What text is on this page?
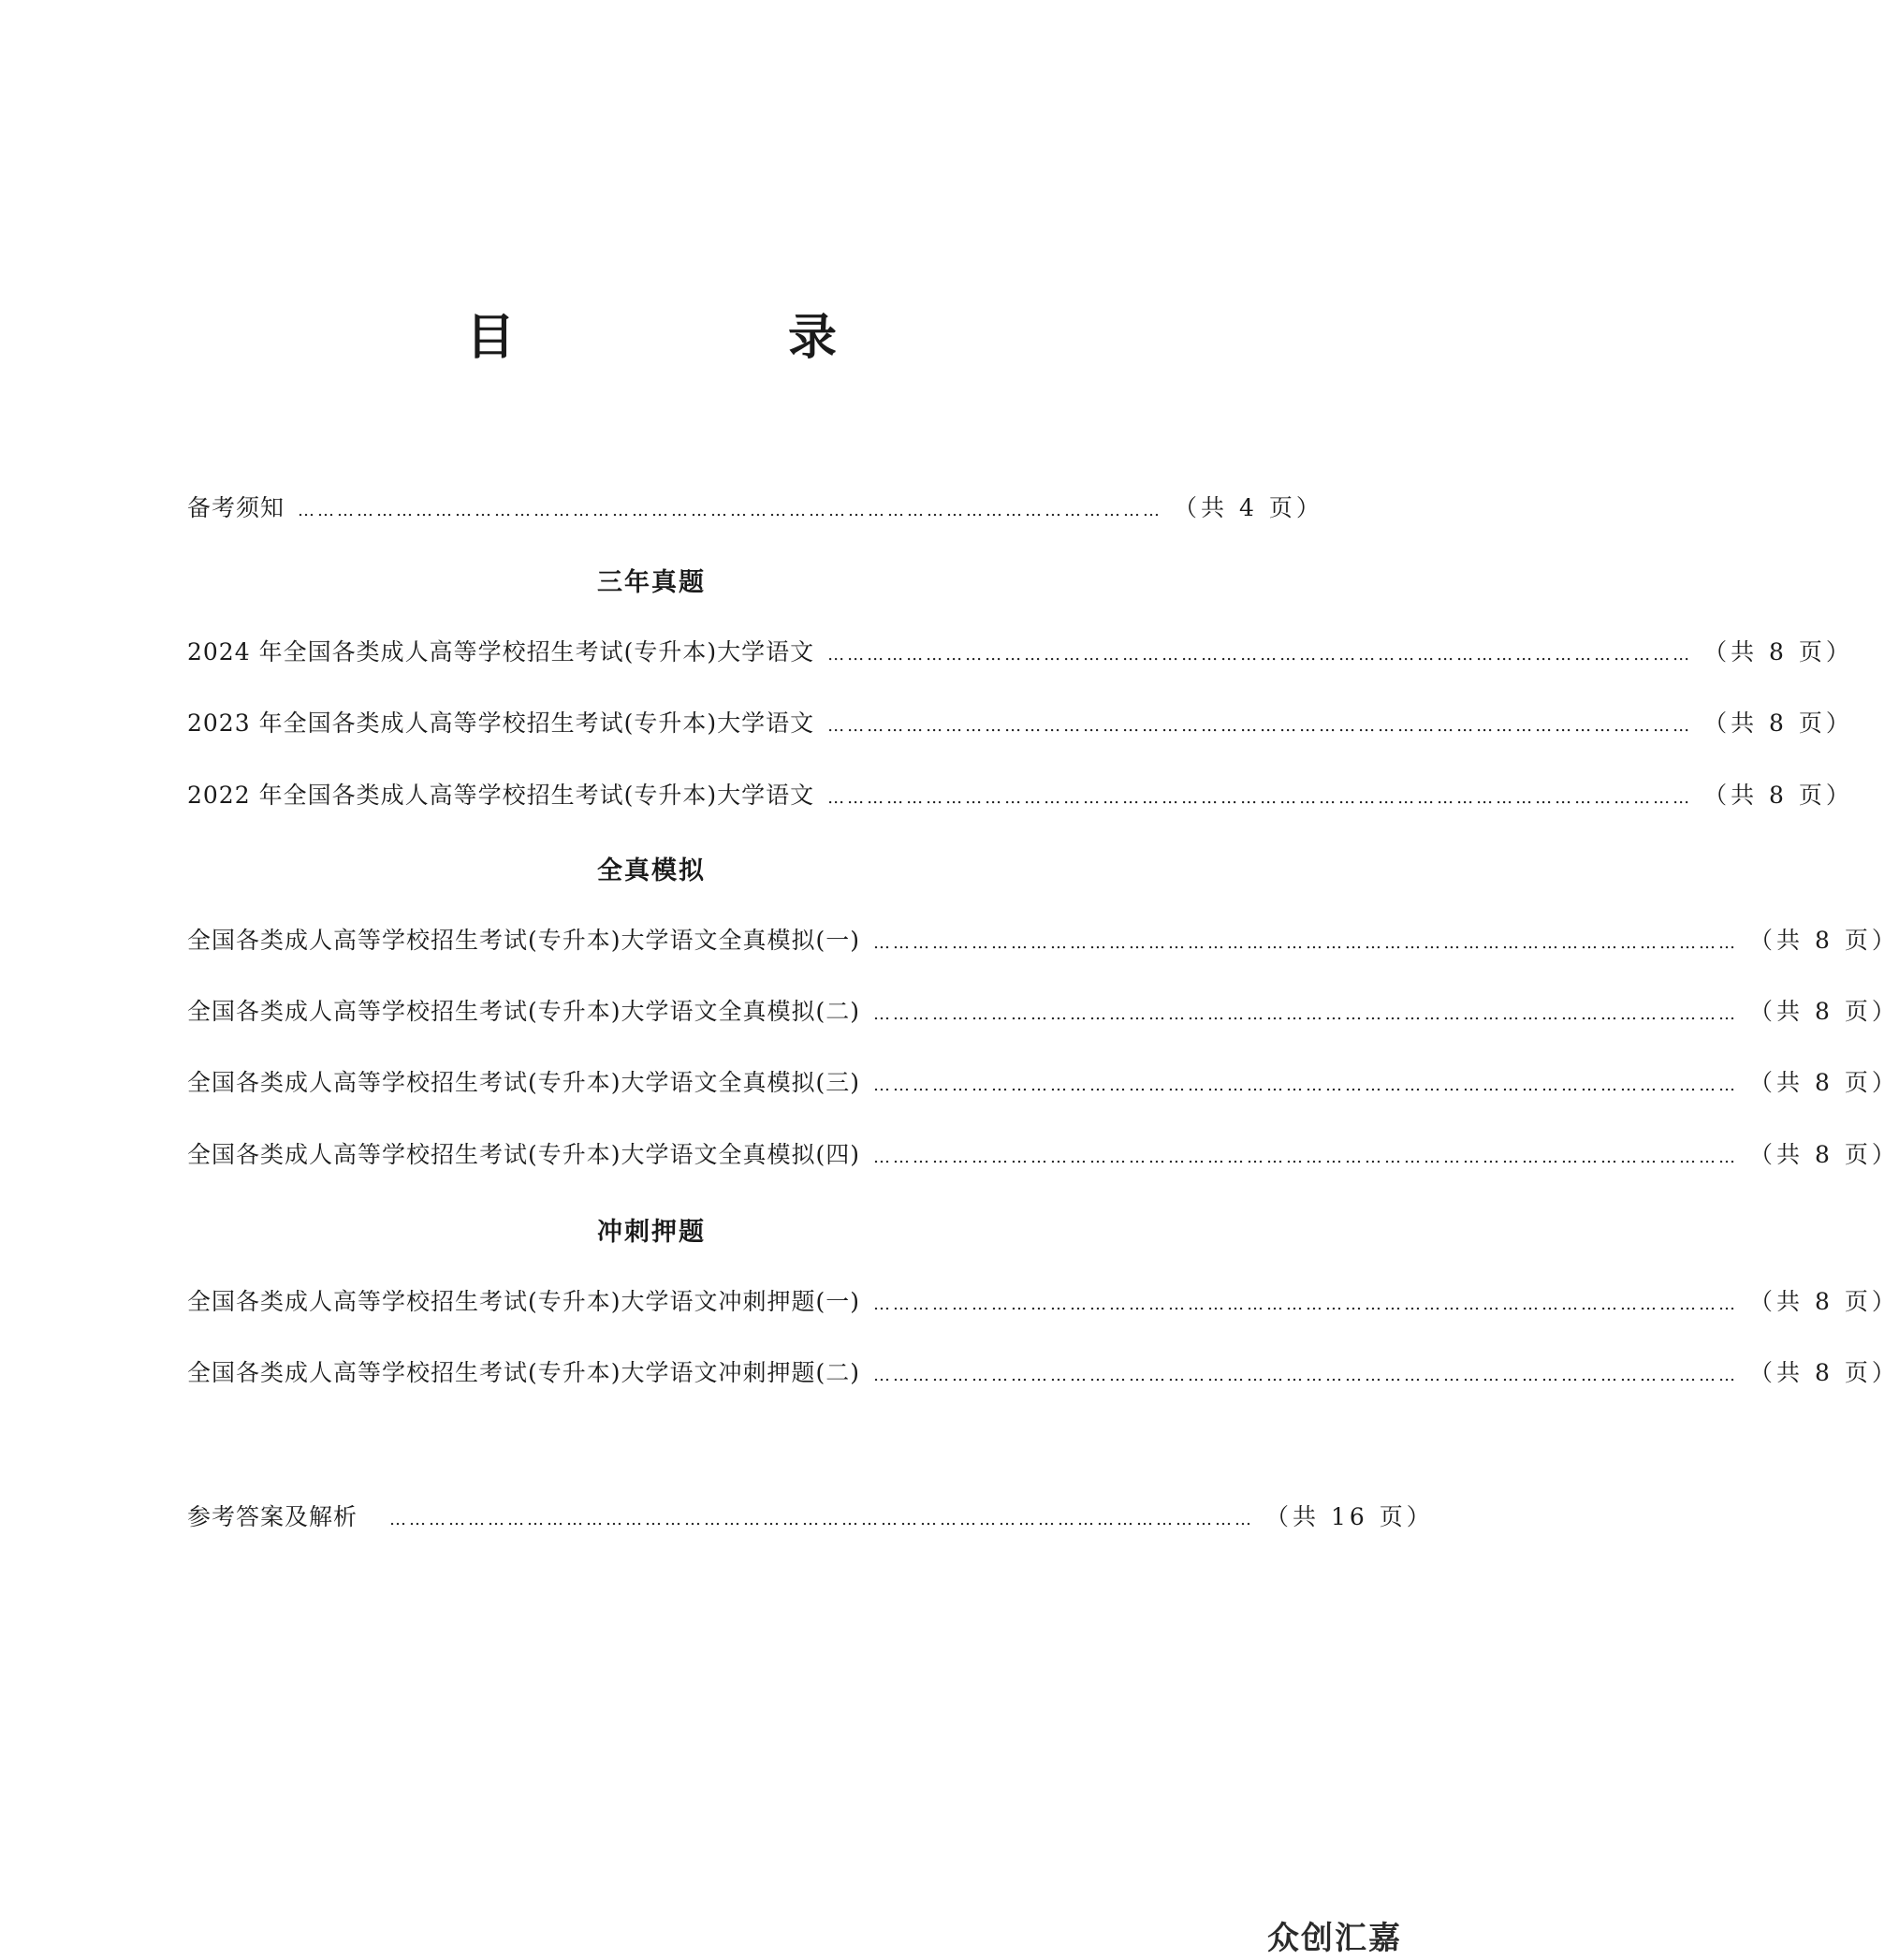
目　录
备考须知 …………………………………………………………………………………………………………………… （共 4 页）
三年真题
2024 年全国各类成人高等学校招生考试(专升本)大学语文 …………………………………………………………………………………………………………………… （共 8 页）
2023 年全国各类成人高等学校招生考试(专升本)大学语文 …………………………………………………………………………………………………………………… （共 8 页）
2022 年全国各类成人高等学校招生考试(专升本)大学语文 …………………………………………………………………………………………………………………… （共 8 页）
全真模拟
全国各类成人高等学校招生考试(专升本)大学语文全真模拟(一) …………………………………………………………………………………………………………………… （共 8 页）
全国各类成人高等学校招生考试(专升本)大学语文全真模拟(二) …………………………………………………………………………………………………………………… （共 8 页）
全国各类成人高等学校招生考试(专升本)大学语文全真模拟(三) …………………………………………………………………………………………………………………… （共 8 页）
全国各类成人高等学校招生考试(专升本)大学语文全真模拟(四) …………………………………………………………………………………………………………………… （共 8 页）
冲刺押题
全国各类成人高等学校招生考试(专升本)大学语文冲刺押题(一) …………………………………………………………………………………………………………………… （共 8 页）
全国各类成人高等学校招生考试(专升本)大学语文冲刺押题(二) …………………………………………………………………………………………………………………… （共 8 页）
参考答案及解析 …………………………………………………………………………………………………………………… （共 16 页）
众创汇嘉
